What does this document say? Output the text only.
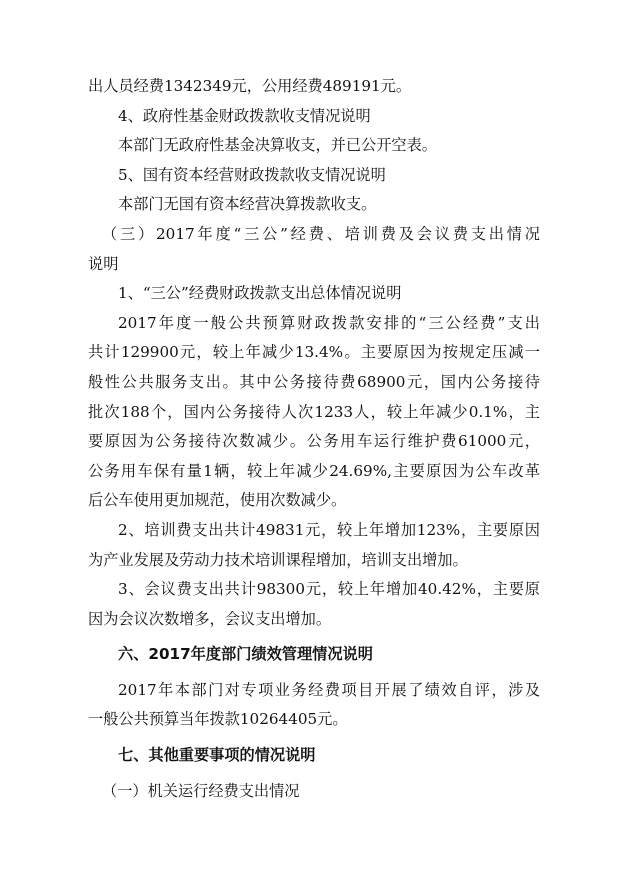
出人员经费1342349元，公用经费489191元。

4、政府性基金财政拨款收支情况说明

本部门无政府性基金决算收支，并已公开空表。

5、国有资本经营财政拨款收支情况说明

本部门无国有资本经营决算拨款收支。

（三）2017年度“三公”经费、培训费及会议费支出情况

说明

1、“三公”经费财政拨款支出总体情况说明

2017年度一般公共预算财政拨款安排的“三公经费”支出

共计129900元，较上年减少13.4%。主要原因为按规定压减一

般性公共服务支出。其中公务接待费68900元，国内公务接待

批次188个，国内公务接待人次1233人，较上年减少0.1%，主

要原因为公务接待次数减少。公务用车运行维护费61000元，

公务用车保有量1辆，较上年减少24.69%,主要原因为公车改革

后公车使用更加规范，使用次数减少。

2、培训费支出共计49831元，较上年增加123%，主要原因

为产业发展及劳动力技术培训课程增加，培训支出增加。

3、会议费支出共计98300元，较上年增加40.42%，主要原

因为会议次数增多，会议支出增加。

六、2017年度部门绩效管理情况说明

2017年本部门对专项业务经费项目开展了绩效自评，涉及

一般公共预算当年拨款10264405元。

七、其他重要事项的情况说明

（一）机关运行经费支出情况
